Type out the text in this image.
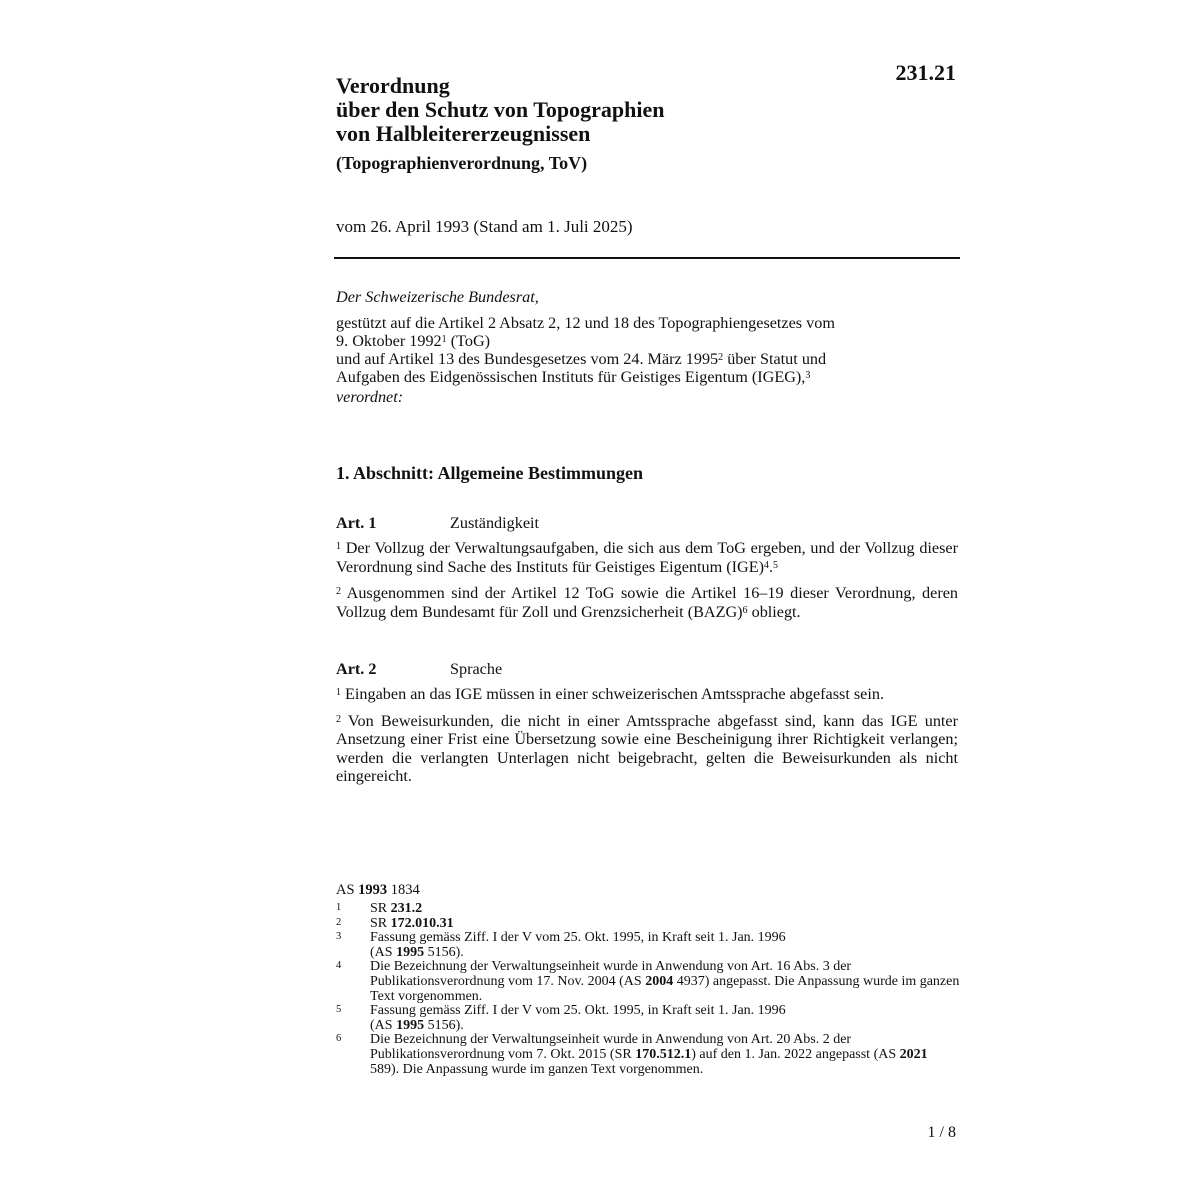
231.21
Verordnung
über den Schutz von Topographien
von Halbleitererzeugnissen
(Topographienverordnung, ToV)
vom 26. April 1993 (Stand am 1. Juli 2025)
Der Schweizerische Bundesrat,
gestützt auf die Artikel 2 Absatz 2, 12 und 18 des Topographiengesetzes vom
9. Oktober 1992$^1$ (ToG)
und auf Artikel 13 des Bundesgesetzes vom 24. März 1995$^2$ über Statut und
Aufgaben des Eidgenössischen Instituts für Geistiges Eigentum (IGEG),$^3$
verordnet:
1. Abschnitt: Allgemeine Bestimmungen
Art. 1	Zuständigkeit
$^1$ Der Vollzug der Verwaltungsaufgaben, die sich aus dem ToG ergeben, und der Vollzug dieser Verordnung sind Sache des Instituts für Geistiges Eigentum (IGE)$^4$.$^5$
$^2$ Ausgenommen sind der Artikel 12 ToG sowie die Artikel 16–19 dieser Verordnung, deren Vollzug dem Bundesamt für Zoll und Grenzsicherheit (BAZG)$^6$ obliegt.
Art. 2	Sprache
$^1$ Eingaben an das IGE müssen in einer schweizerischen Amtssprache abgefasst sein.
$^2$ Von Beweisurkunden, die nicht in einer Amtssprache abgefasst sind, kann das IGE unter Ansetzung einer Frist eine Übersetzung sowie eine Bescheinigung ihrer Richtigkeit verlangen; werden die verlangten Unterlagen nicht beigebracht, gelten die Beweisurkunden als nicht eingereicht.
AS 1993 1834
1	SR 231.2
2	SR 172.010.31
3	Fassung gemäss Ziff. I der V vom 25. Okt. 1995, in Kraft seit 1. Jan. 1996
(AS 1995 5156).
4	Die Bezeichnung der Verwaltungseinheit wurde in Anwendung von Art. 16 Abs. 3 der Publikationsverordnung vom 17. Nov. 2004 (AS 2004 4937) angepasst. Die Anpassung wurde im ganzen Text vorgenommen.
5	Fassung gemäss Ziff. I der V vom 25. Okt. 1995, in Kraft seit 1. Jan. 1996
(AS 1995 5156).
6	Die Bezeichnung der Verwaltungseinheit wurde in Anwendung von Art. 20 Abs. 2 der Publikationsverordnung vom 7. Okt. 2015 (SR 170.512.1) auf den 1. Jan. 2022 angepasst (AS 2021 589). Die Anpassung wurde im ganzen Text vorgenommen.
1 / 8
